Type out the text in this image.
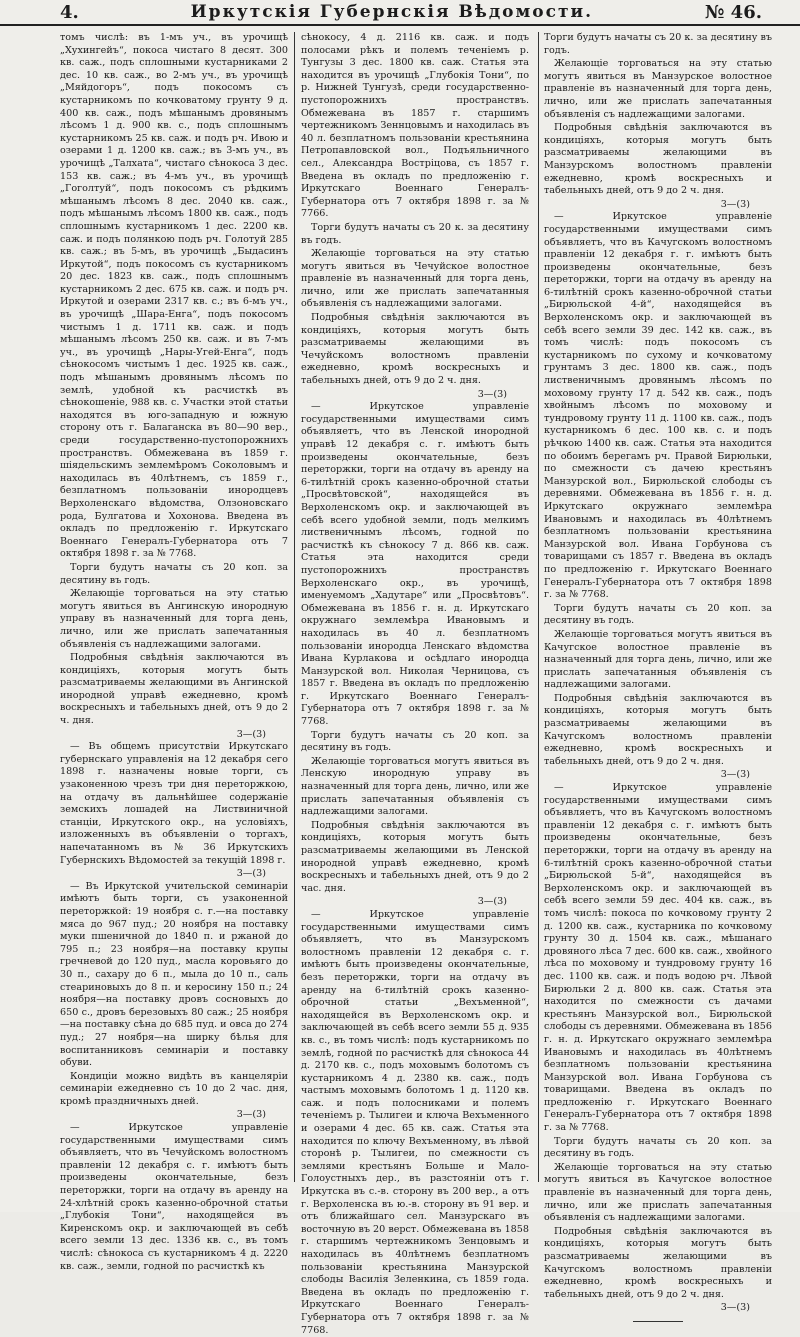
4.	Иркутскія Губернскія Вѣдомости.	№ 46.

томъ числѣ: въ 1-мъ уч., въ урочищѣ „Хухингейъ“, покоса чистаго 8 десят. 300 кв. саж., подъ сплошными кустарниками 2 дес. 10 кв. саж., во 2-мъ уч., въ урочищѣ „Мяйдогоръ“, подъ покосомъ съ кустарникомъ по кочковатому грунту 9 д. 400 кв. саж., подъ мѣшанымъ дровянымъ лѣсомъ 1 д. 900 кв. с., подъ сплошнымъ кустарникомъ 25 кв. саж. и подъ рч. Ивою и озерами 1 д. 1200 кв. саж.; въ 3-мъ уч., въ урочищѣ „Талхата“, чистаго сѣнокоса 3 дес. 153 кв. саж.; въ 4-мъ уч., въ урочищѣ „Гоголтуй“, подъ покосомъ съ рѣдкимъ мѣшанымъ лѣсомъ 8 дес. 2040 кв. саж., подъ мѣшанымъ лѣсомъ 1800 кв. саж., подъ сплошнымъ кустарникомъ 1 дес. 2200 кв. саж. и подъ полянкою подъ рч. Голотуй 285 кв. саж.; въ 5-мъ, въ урочищѣ „Быдасинъ Иркутой“, подъ покосомъ съ кустарникомъ 20 дес. 1823 кв. саж., подъ сплошнымъ кустарникомъ 2 дес. 675 кв. саж. и подъ рч. Иркутой и озерами 2317 кв. с.; въ 6-мъ уч., въ урочищѣ „Шара-Енга“, подъ покосомъ чистымъ 1 д. 1711 кв. саж. и подъ мѣшанымъ лѣсомъ 250 кв. саж. и въ 7-мъ уч., въ урочищѣ „Нары-Угей-Енга“, подъ сѣнокосомъ чистымъ 1 дес. 1925 кв. саж., подъ мѣшанымъ дровянымъ лѣсомъ по землѣ, удобной къ расчисткѣ въ сѣнокошеніе, 988 кв. с. Участки этой статьи находятся въ юго-западную и южную сторону отъ г. Балаганска въ 80—90 вер., среди государственно-пустопорожнихъ пространствъ. Обмежевана въ 1859 г. шіядельскимъ землемѣромъ Соколовымъ и находилась въ 40лѣтнемъ, съ 1859 г., безплатномъ пользованіи инородцевъ Верхоленскаго вѣдомства, Олзоновскаго рода, Булгатова и Хохонова. Введена въ окладъ по предложенію г. Иркутскаго Военнаго Генералъ-Губернатора отъ 7 октября 1898 г. за № 7768.

Торги будутъ начаты съ 20 коп. за десятину въ годъ.

Желающіе торговаться на эту статью могутъ явиться въ Ангинскую инородную управу въ назначенный для торга день, лично, или же прислать запечатанныя объявленія съ надлежащими залогами.

Подробныя свѣдѣнія заключаются въ кондиціяхъ, которыя могутъ быть разсматриваемы желающими въ Ангинской инородной управѣ ежедневно, кромѣ воскресныхъ и табельныхъ дней, отъ 9 до 2 ч. дня.

3—(3)

— Въ общемъ присутствіи Иркутскаго губернскаго управленія на 12 декабря сего 1898 г. назначены новые торги, съ узаконенною чрезъ три дня переторжкою, на отдачу въ дальнѣйшее содержаніе земскихъ лошадей на Листвиничной станціи, Иркутского окр., на условіяхъ, изложенныхъ въ объявленіи о торгахъ, напечатанномъ въ № 36 Иркутскихъ Губернскихъ Вѣдомостей за текущій 1898 г.

3—(3)

— Въ Иркутской учительской семинаріи имѣютъ быть торги, съ узаконенной переторжкой: 19 ноября с. г.—на поставку мяса до 967 пуд.; 20 ноября на поставку муки пшеничной до 1840 п. и ржаной до 795 п.; 23 ноября—на поставку крупы гречневой до 120 пуд., масла коровьяго до 30 п., сахару до 6 п., мыла до 10 п., саль стеариновыхъ до 8 п. и керосину 150 п.; 24 ноября—на поставку дровъ сосновыхъ до 650 с., дровъ березовыхъ 80 саж.; 25 ноября—на поставку сѣна до 685 пуд. и овса до 274 пуд.; 27 ноября—на ширку бѣлья для воспитанниковъ семинаріи и поставку обуви.

Кондиціи можно видѣть въ канцеляріи семинаріи ежедневно съ 10 до 2 час. дня, кромѣ праздничныхъ дней.

3—(3)

— Иркутское управленіе государственными имуществами симъ объявляетъ, что въ Чечуйскомъ волостномъ правленіи 12 декабря с. г. имѣютъ быть произведены окончательные, безъ переторжки, торги на отдачу въ аренду на 24-хлѣтній срокъ казенно-оброчной статьи „Глубокія Тони“, находящейся въ Киренскомъ окр. и заключающей въ себѣ всего земли 13 дес. 1336 кв. с., въ томъ числѣ: сѣнокоса съ кустарникомъ 4 д. 2220 кв. саж., земли, годной по расчисткѣ къ

сѣнокосу, 4 д. 2116 кв. саж. и подъ полосами рѣкъ и полемъ теченіемъ р. Тунгузы 3 дес. 1800 кв. саж. Статья эта находится въ урочищѣ „Глубокія Тони“, по р. Нижней Тунгузѣ, среди государственно-пустопорожнихъ пространствъ. Обмежевана въ 1857 г. старшимъ чертежникомъ Зеннцовымъ и находилась въ 40 л. безплатномъ пользованіи крестьянина Петропавловской вол., Подъяльничного сел., Александра Востріцова, съ 1857 г. Введена въ окладъ по предложенію г. Иркутскаго Военнаго Генералъ-Губернатора отъ 7 октября 1898 г. за № 7766.

Торги будутъ начаты съ 20 к. за десятину въ годъ.

Желающіе торговаться на эту статью могутъ явиться въ Чечуйское волостное правленіе въ назначенный для торга день, лично, или же прислать запечатанныя объявленія съ надлежащими залогами.

Подробныя свѣдѣнія заключаются въ кондиціяхъ, которыя могутъ быть разсматриваемы желающими въ Чечуйскомъ волостномъ правленіи ежедневно, кромѣ воскресныхъ и табельныхъ дней, отъ 9 до 2 ч. дня.

3—(3)

— Иркутское управленіе государственными имуществами симъ объявляетъ, что въ Ленской инородной управѣ 12 декабря с. г. имѣютъ быть произведены окончательные, безъ переторжки, торги на отдачу въ аренду на 6-тилѣтній срокъ казенно-оброчной статьи „Просвѣтовской“, находящейся въ Верхоленскомъ окр. и заключающей въ себѣ всего удобной земли, подъ мелкимъ лиственичнымъ лѣсомъ, годной по расчисткѣ къ сѣнокосу 7 д. 866 кв. саж. Статья эта находится среди пустопорожнихъ пространствъ Верхоленскаго окр., въ урочищѣ, именуемомъ „Хадутаре“ или „Просвѣтовъ“. Обмежевана въ 1856 г. н. д. Иркутскаго окружнаго землемѣра Ивановымъ и находилась въ 40 л. безплатномъ пользованіи инородца Ленскаго вѣдомства Ивана Курлакова и осѣдлаго инородца Манзурской вол. Николая Черницова, съ 1857 г. Введена въ окладъ по предложенію г. Иркутскаго Военнаго Генералъ-Губернатора отъ 7 октября 1898 г. за № 7768.

Торги будутъ начаты съ 20 коп. за десятину въ годъ.

Желающіе торговаться могутъ явиться въ Ленскую инородную управу въ назначенный для торга день, лично, или же прислать запечатанныя объявленія съ надлежащими залогами.

Подробныя свѣдѣнія заключаются въ кондиціяхъ, которыя могутъ быть разсматриваемы желающими въ Ленской инородной управѣ ежедневно, кромѣ воскресныхъ и табельныхъ дней, отъ 9 до 2 час. дня.

3—(3)

— Иркутское управленіе государственными имуществами симъ объявляетъ, что въ Манзурскомъ волостномъ правленіи 12 декабря с. г. имѣютъ быть произведены окончательные, безъ переторжки, торги на отдачу въ аренду на 6-тилѣтній срокъ казенно-оброчной статьи „Вехъменной“, находящейся въ Верхоленскомъ окр. и заключающей въ себѣ всего земли 55 д. 935 кв. с., въ томъ числѣ: подъ кустарникомъ по землѣ, годной по расчисткѣ для сѣнокоса 44 д. 2170 кв. с., подъ моховымъ болотомъ съ кустарникомъ 4 д. 2380 кв. саж., подъ частымъ моховымъ болотомъ 1 д. 1120 кв. саж. и подъ полосниками и полемъ теченіемъ р. Тылигеи и ключа Вехъменного и озерами 4 дес. 65 кв. саж. Статья эта находится по ключу Вехъменному, въ лѣвой сторонѣ р. Тылигеи, по смежности съ землями крестьянъ Больше и Мало-Голоустныхъ дер., въ разстояніи отъ г. Иркутска въ с.-в. сторону въ 200 вер., а отъ г. Верхоленска въ ю.-в. сторону въ 91 вер. и отъ ближайшаго сел. Манзурскаго въ восточную въ 20 верст. Обмежевана въ 1858 г. старшимъ чертежникомъ Зенцовымъ и находилась въ 40лѣтнемъ безплатномъ пользованіи крестьянина Манзурской слободы Василія Зеленкина, съ 1859 года. Введена въ окладъ по предложенію г. Иркутскаго Военнаго Генералъ-Губернатора отъ 7 октября 1898 г. за № 7768.

Торги будутъ начаты съ 20 к. за десятину въ годъ.

Желающіе торговаться на эту статью могутъ явиться въ Манзурское волостное правленіе въ назначенный для торга день, лично, или же прислать запечатанныя объявленія съ надлежащими залогами.

Подробныя свѣдѣнія заключаются въ кондиціяхъ, которыя могутъ быть разсматриваемы желающими въ Манзурскомъ волостномъ правленіи ежедневно, кромѣ воскресныхъ и табельныхъ дней, отъ 9 до 2 ч. дня.

3—(3)

— Иркутское управленіе государственными имуществами симъ объявляетъ, что въ Качугскомъ волостномъ правленіи 12 декабря г. г. имѣютъ быть произведены окончательные, безъ переторжки, торги на отдачу въ аренду на 6-тилѣтній срокъ казенно-оброчной статьи „Бирюльской 4-й“, находящейся въ Верхоленскомъ окр. и заключающей въ себѣ всего земли 39 дес. 142 кв. саж., въ томъ числѣ: подъ покосомъ съ кустарникомъ по сухому и кочковатому грунтамъ 3 дес. 1800 кв. саж., подъ лиственичнымъ дровянымъ лѣсомъ по моховому грунту 17 д. 542 кв. саж., подъ хвойнымъ лѣсомъ по моховому и тундровому грунту 11 д. 1100 кв. саж., подъ кустарникомъ 6 дес. 100 кв. с. и подъ рѣчкою 1400 кв. саж. Статья эта находится по обоимъ берегамъ рч. Правой Бирюльки, по смежности съ дачею крестьянъ Манзурской вол., Бирюльской слободы съ деревнями. Обмежевана въ 1856 г. н. д. Иркутскаго окружнаго землемѣра Ивановымъ и находилась въ 40лѣтнемъ безплатномъ пользованіи крестьянина Манзурской вол. Ивана Горбунова съ товарищами съ 1857 г. Введена въ окладъ по предложенію г. Иркутскаго Военнаго Генералъ-Губернатора отъ 7 октября 1898 г. за № 7768.

Торги будутъ начаты съ 20 коп. за десятину въ годъ.

Желающіе торговаться могутъ явиться въ Качугское волостное правленіе въ назначенный для торга день, лично, или же прислать запечатанныя объявленія съ надлежащими залогами.

Подробныя свѣдѣнія заключаются въ кондиціяхъ, которыя могутъ быть разсматриваемы желающими въ Качугскомъ волостномъ правленіи ежедневно, кромѣ воскресныхъ и табельныхъ дней, отъ 9 до 2 ч. дня.

3—(3)

— Иркутское управленіе государственными имуществами симъ объявляетъ, что въ Качугскомъ волостномъ правленіи 12 декабря с. г. имѣютъ быть произведены окончательные, безъ переторжки, торги на отдачу въ аренду на 6-тилѣтній срокъ казенно-оброчной статьи „Бирюльской 5-й“, находящейся въ Верхоленскомъ окр. и заключающей въ себѣ всего земли 59 дес. 404 кв. саж., въ томъ числѣ: покоса по кочковому грунту 2 д. 1200 кв. саж., кустарника по кочковому грунту 30 д. 1504 кв. саж., мѣшанаго дровяного лѣса 7 дес. 600 кв. саж., хвойного лѣса по моховому и тундровому грунту 16 дес. 1100 кв. саж. и подъ водою рч. Лѣвой Бирюльки 2 д. 800 кв. саж. Статья эта находится по смежности съ дачами крестьянъ Манзурской вол., Бирюльской слободы съ деревнями. Обмежевана въ 1856 г. н. д. Иркутскаго окружнаго землемѣра Ивановымъ и находилась въ 40лѣтнемъ безплатномъ пользованіи крестьянина Манзурской вол. Ивана Горбунова съ товарищами. Введена въ окладъ по предложенію г. Иркутскаго Военнаго Генералъ-Губернатора отъ 7 октября 1898 г. за № 7768.

Торги будутъ начаты съ 20 коп. за десятину въ годъ.

Желающіе торговаться на эту статью могутъ явиться въ Качугское волостное правленіе въ назначенный для торга день, лично, или же прислать запечатанныя объявленія съ надлежащими залогами.

Подробныя свѣдѣнія заключаются въ кондиціяхъ, которыя могутъ быть разсматриваемы желающими въ Качугскомъ волостномъ правленіи ежедневно, кромѣ воскресныхъ и табельныхъ дней, отъ 9 до 2 ч. дня.

3—(3)
